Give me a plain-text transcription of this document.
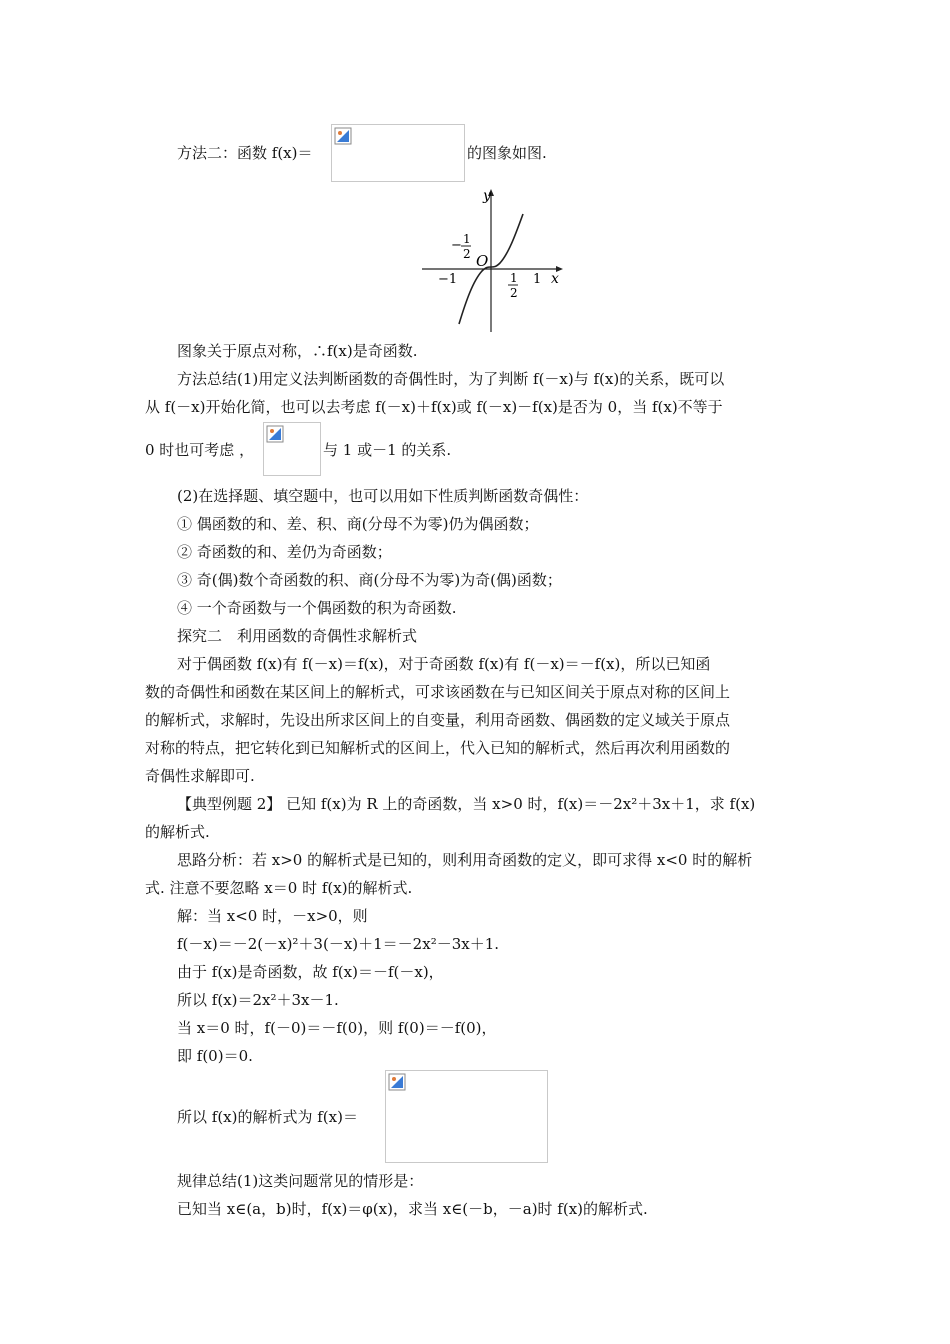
方法二：函数 f(x)＝	的图象如图.
y
x
O
−1	1
− 1
2
1
2
图象关于原点对称，∴f(x)是奇函数.
方法总结(1)用定义法判断函数的奇偶性时，为了判断 f(－x)与 f(x)的关系，既可以
从 f(－x)开始化简，也可以去考虑 f(－x)＋f(x)或 f(－x)－f(x)是否为 0，当 f(x)不等于
0 时也可考虑 ，	与 1 或－1 的关系.
(2)在选择题、填空题中，也可以用如下性质判断函数奇偶性：
① 偶函数的和、差、积、商(分母不为零)仍为偶函数；
② 奇函数的和、差仍为奇函数；
③ 奇(偶)数个奇函数的积、商(分母不为零)为奇(偶)函数；
④ 一个奇函数与一个偶函数的积为奇函数.
探究二　利用函数的奇偶性求解析式
对于偶函数 f(x)有 f(－x)＝f(x)，对于奇函数 f(x)有 f(－x)＝－f(x)，所以已知函
数的奇偶性和函数在某区间上的解析式，可求该函数在与已知区间关于原点对称的区间上
的解析式，求解时，先设出所求区间上的自变量，利用奇函数、偶函数的定义域关于原点
对称的特点，把它转化到已知解析式的区间上，代入已知的解析式，然后再次利用函数的
奇偶性求解即可.
【典型例题 2】 已知 f(x)为 R 上的奇函数，当 x>0 时，f(x)＝－2x²＋3x＋1，求 f(x)
的解析式.
思路分析：若 x>0 的解析式是已知的，则利用奇函数的定义，即可求得 x<0 时的解析
式. 注意不要忽略 x＝0 时 f(x)的解析式.
解：当 x<0 时，－x>0，则
f(－x)＝－2(－x)²＋3(－x)＋1＝－2x²－3x＋1.
由于 f(x)是奇函数，故 f(x)＝－f(－x)，
所以 f(x)＝2x²＋3x－1.
当 x＝0 时，f(－0)＝－f(0)，则 f(0)＝－f(0)，
即 f(0)＝0.
所以 f(x)的解析式为 f(x)＝
规律总结(1)这类问题常见的情形是：
已知当 x∈(a，b)时，f(x)＝φ(x)，求当 x∈(－b，－a)时 f(x)的解析式.
